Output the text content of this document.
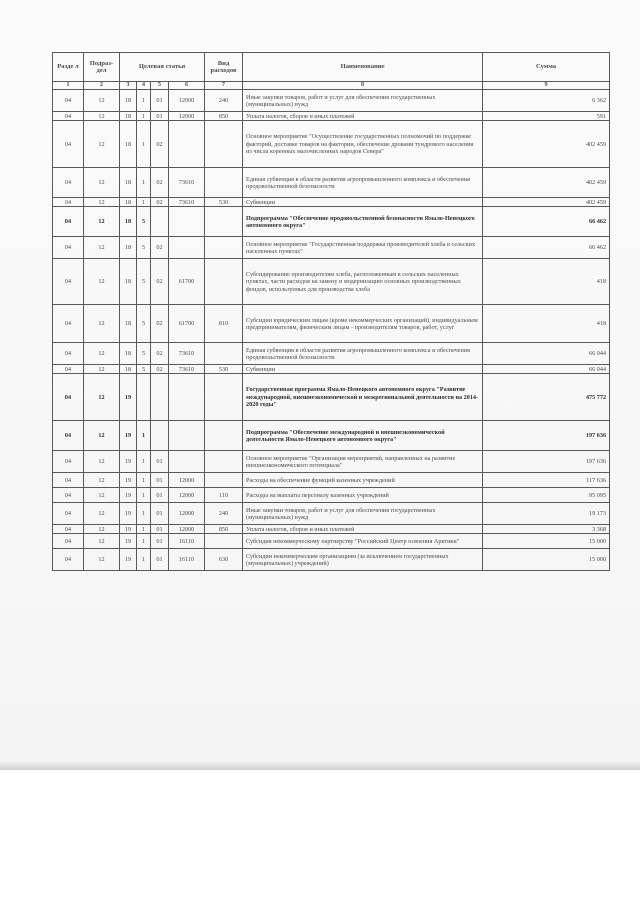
Разде л	Подраз- дел	Целевая статья				Вид расходов	Наименование	Сумма

1	2	3	4	5	6	7	8	9
04	12	18	1	01	12000	240	Иные закупки товаров, работ и услуг для обеспечения государственных (муниципальных) нужд	6 362
04	12	18	1	01	12000	850	Уплата налогов, сборов и иных платежей	591
04	12	18	1	02			Основное мероприятие "Осуществление государственных полномочий по поддержке факторий, доставке товаров на фактории, обеспечение дровами тундрового населения из числа коренных малочисленных народов Севера"	402 459
04	12	18	1	02	73610		Единая субвенция в области развития агропромышленного комплекса и обеспечения продовольственной безопасности	402 459
04	12	18	1	02	73610	530	Субвенции	402 459
04	12	18	5				Подпрограмма "Обеспечение продовольственной безопасности Ямало-Ненецкого автономного округа"	66 462
04	12	18	5	02			Основное мероприятие "Государственная поддержка производителей хлеба в сельских населенных пунктах"	66 462
04	12	18	5	02	61700		Субсидирование производителям хлеба, расположенным в сельских населенных пунктах, части расходов на замену и модернизацию основных производственных фондов, используемых для производства хлеба	418
04	12	18	5	02	61700	810	Субсидии юридическим лицам (кроме некоммерческих организаций), индивидуальным предпринимателям, физическим лицам - производителям товаров, работ, услуг	418
04	12	18	5	02	73610		Единая субвенция в области развития агропромышленного комплекса и обеспечения продовольственной безопасности	66 044
04	12	18	5	02	73610	530	Субвенции	66 044
04	12	19					Государственная программа Ямало-Ненецкого автономного округа "Развитие международной, внешнеэкономической и межрегиональной деятельности на 2014-2020 годы"	475 772
04	12	19	1				Подпрограмма "Обеспечение международной и внешнеэкономической деятельности Ямало-Ненецкого автономного округа"	197 636
04	12	19	1	01			Основное мероприятие "Организация мероприятий, направленных на развитие внешнеэкономического потенциала"	197 636
04	12	19	1	01	12000		Расходы на обеспечение функций казенных учреждений	117 636
04	12	19	1	01	12000	110	Расходы на выплаты персоналу казенных учреждений	95 095
04	12	19	1	01	12000	240	Иные закупки товаров, работ и услуг для обеспечения государственных (муниципальных) нужд	19 173
04	12	19	1	01	12000	850	Уплата налогов, сборов и иных платежей	3 368
04	12	19	1	01	16110		Субсидия некоммерческому партнерству "Российский Центр освоения Арктики"	15 000
04	12	19	1	01	16110	630	Субсидии некоммерческим организациям (за исключением государственных (муниципальных) учреждений)	15 000
